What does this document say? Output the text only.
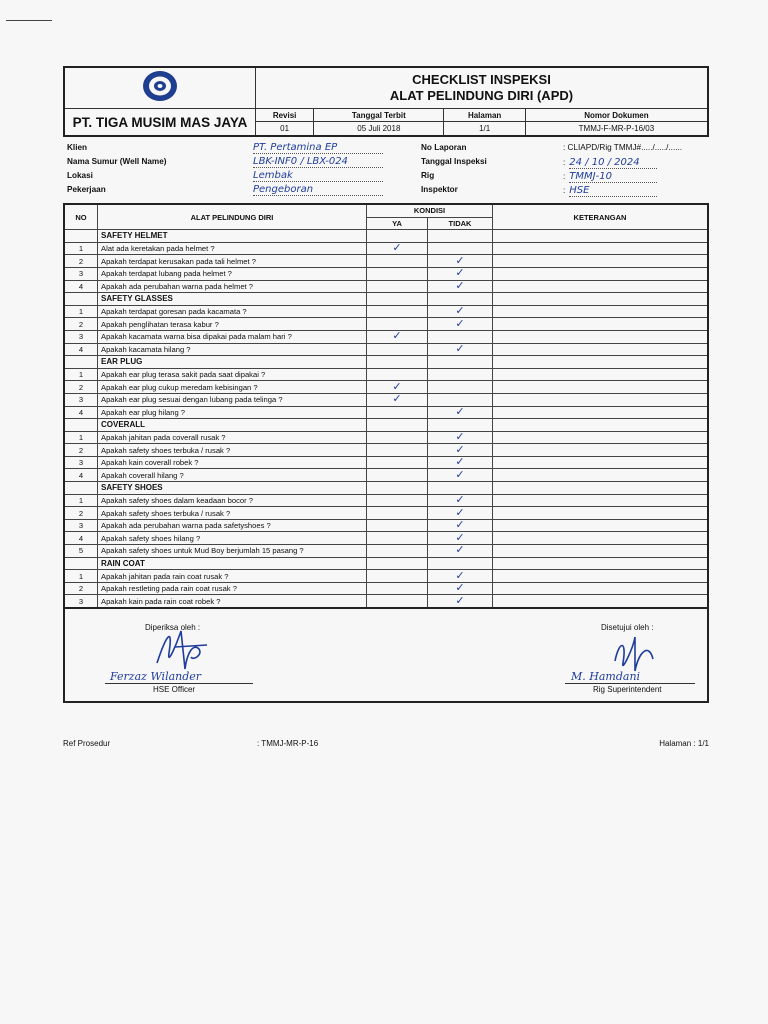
CHECKLIST INSPEKSI
ALAT PELINDUNG DIRI (APD)			

PT. TIGA MUSIM MAS JAYA	Revisi	Tanggal Terbit	Halaman	Nomor Dokumen
	01	05 Juli 2018	1/1	TMMJ-F-MR-P-16/03
Klien	PT. Pertamina EP	No Laporan	: CLIAPD/Rig TMMJ#...../...../......
Nama Sumur (Well Name)	LBK-INF0 / LBX-024	Tanggal Inspeksi	: 24 / 10 / 2024
Lokasi	Lembak	Rig	: TMMJ-10
Pekerjaan	Pengeboran	Inspektor	: HSE
NO	ALAT PELINDUNG DIRI	KONDISI		KETERANGAN
		YA	TIDAK	
	SAFETY HELMET			
1	Alat ada keretakan pada helmet ?	✓		
2	Apakah terdapat kerusakan pada tali helmet ?		✓	
3	Apakah terdapat lubang pada helmet ?		✓	
4	Apakah ada perubahan warna pada helmet ?		✓	
	SAFETY GLASSES			
1	Apakah terdapat goresan pada kacamata ?		✓	
2	Apakah penglihatan terasa kabur ?		✓	
3	Apakah kacamata warna bisa dipakai pada malam hari ?	✓		
4	Apakah kacamata hilang ?		✓	
	EAR PLUG			
1	Apakah ear plug terasa sakit pada saat dipakai ?			
2	Apakah ear plug cukup meredam kebisingan ?	✓		
3	Apakah ear plug sesuai dengan lubang pada telinga ?	✓		
4	Apakah ear plug hilang ?		✓	
	COVERALL			
1	Apakah jahitan pada coverall rusak ?		✓	
2	Apakah safety shoes terbuka / rusak ?		✓	
3	Apakah kain coverall robek ?		✓	
4	Apakah coverall hilang ?		✓	
	SAFETY SHOES			
1	Apakah safety shoes dalam keadaan bocor ?		✓	
2	Apakah safety shoes terbuka / rusak ?		✓	
3	Apakah ada perubahan warna pada safetyshoes ?		✓	
4	Apakah safety shoes hilang ?		✓	
5	Apakah safety shoes untuk Mud Boy berjumlah 15 pasang ?		✓	
	RAIN COAT			
1	Apakah jahitan pada rain coat rusak ?		✓	
2	Apakah restleting pada rain coat rusak ?		✓	
3	Apakah kain pada rain coat robek ?		✓	
Diperiksa oleh :
Ferzaz Wilander
HSE Officer
Disetujui oleh :
M. Hamdani
Rig Superintendent
Ref Prosedur	: TMMJ-MR-P-16	Halaman : 1/1
